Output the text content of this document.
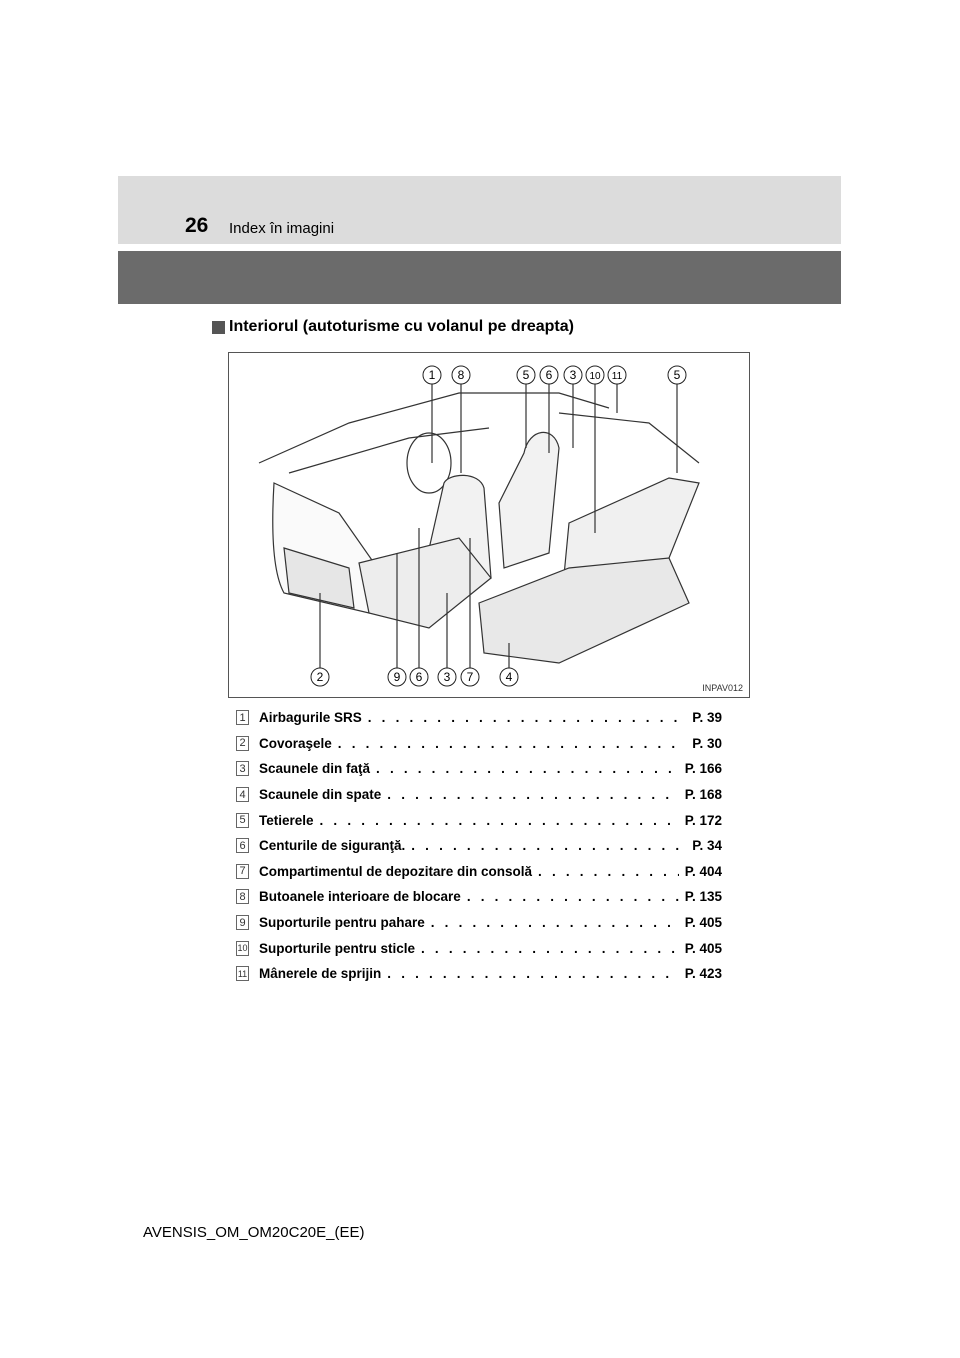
26 Index în imagini
Interiorul (autoturisme cu volanul pe dreapta)
1 8	5 6 3 10 11	5
2	9 6 3 7	4
INPAV012
1 Airbagurile SRS . . .	P. 39
2 Covoraşele . . .	P. 30
3 Scaunele din faţă . . .	P. 166
4 Scaunele din spate . . .	P. 168
5 Tetierele . . .	P. 172
6 Centurile de siguranţă. . . .	P. 34
7 Compartimentul de depozitare din consolă . . .	P. 404
8 Butoanele interioare de blocare . . .	P. 135
9 Suporturile pentru pahare . . .	P. 405
10 Suporturile pentru sticle . . .	P. 405
11 Mânerele de sprijin . . .	P. 423
AVENSIS_OM_OM20C20E_(EE)
